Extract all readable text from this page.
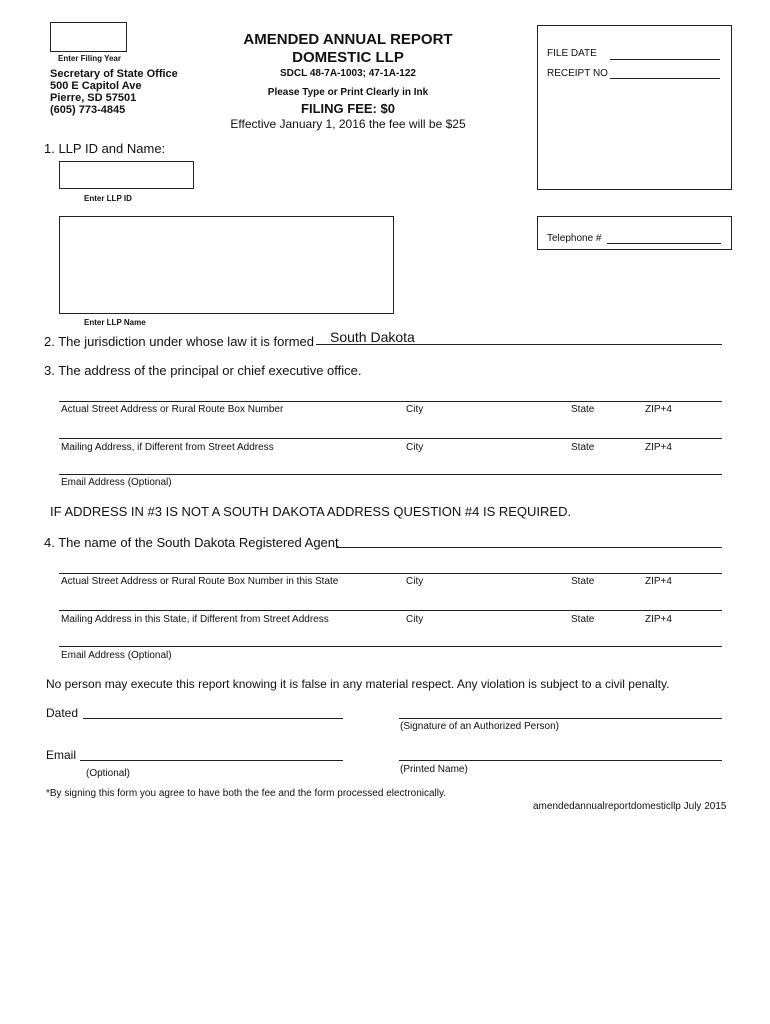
Enter Filing Year
Secretary of State Office
500 E Capitol Ave
Pierre, SD 57501
(605) 773-4845
AMENDED ANNUAL REPORT
DOMESTIC LLP
SDCL 48-7A-1003; 47-1A-122
Please Type or Print Clearly in Ink
FILING FEE: $0
Effective January 1, 2016 the fee will be $25
FILE DATE
RECEIPT NO
Telephone #
1. LLP ID and Name:
Enter LLP ID
Enter LLP Name
2. The jurisdiction under whose law it is formed South Dakota
3. The address of the principal or chief executive office.
Actual Street Address or Rural Route Box Number	City	State	ZIP+4
Mailing Address, if Different from Street Address	City	State	ZIP+4
Email Address (Optional)
IF ADDRESS IN #3 IS NOT A SOUTH DAKOTA ADDRESS QUESTION #4 IS REQUIRED.
4. The name of the South Dakota Registered Agent
Actual Street Address or Rural Route Box Number in this State	City	State	ZIP+4
Mailing Address in this State, if Different from Street Address	City	State	ZIP+4
Email Address (Optional)
No person may execute this report knowing it is false in any material respect. Any violation is subject to a civil penalty.
Dated
(Signature of an Authorized Person)
Email
(Optional)	(Printed Name)
*By signing this form you agree to have both the fee and the form processed electronically.
amendedannualreportdomesticllp July 2015
